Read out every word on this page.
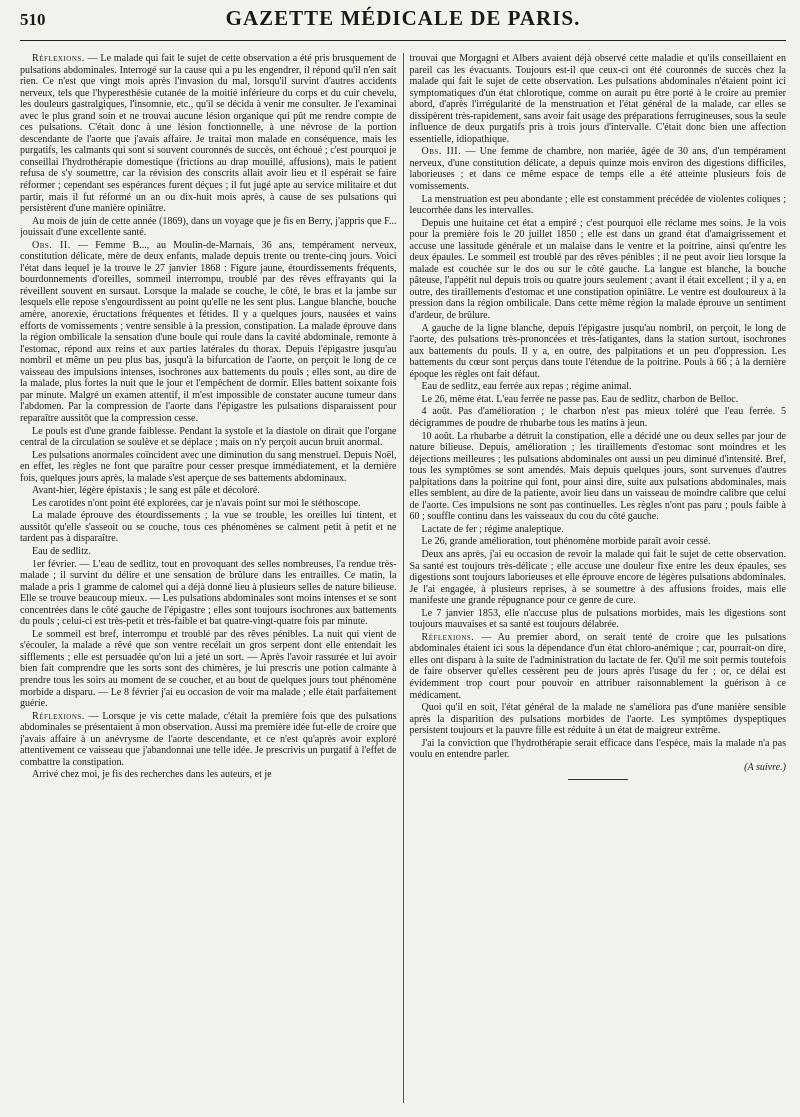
510	GAZETTE MÉDICALE DE PARIS.

Réflexions. — Le malade qui fait le sujet de cette observation a été pris brusquement de pulsations abdominales. Interrogé sur la cause qui a pu les engendrer, il répond qu'il n'en sait rien. Ce n'est que vingt mois après l'invasion du mal, lorsqu'il survint d'autres accidents nerveux, tels que l'hyperesthésie cutanée de la moitié inférieure du corps et du cuir chevelu, les douleurs gastralgiques, l'insomnie, etc., qu'il se décida à venir me consulter. Je l'examinai avec le plus grand soin et ne trouvai aucune lésion organique qui pût me rendre compte de ces pulsations. C'était donc à une lésion fonctionnelle, à une névrose de la portion descendante de l'aorte que j'avais affaire. Je traitai mon malade en conséquence, mais les purgatifs, les calmants qui sont si souvent couronnés de succès, ont échoué ; c'est pourquoi je conseillai l'hydrothérapie domestique (frictions au drap mouillé, affusions), mais le patient refusa de s'y soumettre, car la révision des conscrits allait avoir lieu et il espérait se faire réformer ; cependant ses espérances furent déçues ; il fut jugé apte au service militaire et dut partir, mais il fut réformé un an ou dix-huit mois après, à cause de ses pulsations qui persistèrent d'une manière opiniâtre.

Au mois de juin de cette année (1869), dans un voyage que je fis en Berry, j'appris que F... jouissait d'une excellente santé.

Obs. II. — Femme B..., au Moulin-de-Marnais, 36 ans, tempérament nerveux, constitution délicate, mère de deux enfants, malade depuis trente ou trente-cinq jours. Voici l'état dans lequel je la trouve le 27 janvier 1868 : Figure jaune, étourdissements fréquents, bourdonnements d'oreilles, sommeil interrompu, troublé par des rêves effrayants qui la réveillent souvent en sursaut. Lorsque la malade se couche, le côté, le bras et la jambe sur lesquels elle repose s'engourdissent au point qu'elle ne les sent plus. Langue blanche, bouche amère, anorexie, éructations fréquentes et fétides. Il y a quelques jours, nausées et vains efforts de vomissements ; ventre sensible à la pression, constipation. La malade éprouve dans la région ombilicale la sensation d'une boule qui roule dans la cavité abdominale, remonte à l'estomac, répond aux reins et aux parties latérales du thorax. Depuis l'épigastre jusqu'au nombril et même un peu plus bas, jusqu'à la bifurcation de l'aorte, on perçoit le long de ce vaisseau des impulsions intenses, isochrones aux battements du pouls ; elles sont, au dire de la malade, plus fortes la nuit que le jour et l'empêchent de dormir. Elles battent soixante fois par minute. Malgré un examen attentif, il m'est impossible de constater aucune tumeur dans l'abdomen. Par la compression de l'aorte dans l'épigastre les pulsations disparaissent pour reparaître aussitôt que la compression cesse.

Le pouls est d'une grande faiblesse. Pendant la systole et la diastole on dirait que l'organe central de la circulation se soulève et se déplace ; mais on n'y perçoit aucun bruit anormal.

Les pulsations anormales coïncident avec une diminution du sang menstruel. Depuis Noël, en effet, les règles ne font que paraître pour cesser presque immédiatement, et la dernière fois, quelques jours après, la malade s'est aperçue de ses battements abdominaux.

Avant-hier, légère épistaxis ; le sang est pâle et décoloré.

Les carotides n'ont point été explorées, car je n'avais point sur moi le stéthoscope.

La malade éprouve des étourdissements ; la vue se trouble, les oreilles lui tintent, et aussitôt qu'elle s'asseoit ou se couche, tous ces phénomènes se calment petit à petit et ne tardent pas à disparaître.

Eau de sedlitz.

1er février. — L'eau de sedlitz, tout en provoquant des selles nombreuses, l'a rendue très-malade ; il survint du délire et une sensation de brûlure dans les entrailles. Ce matin, la malade a pris 1 gramme de calomel qui a déjà donné lieu à plusieurs selles de nature bilieuse. Elle se trouve beaucoup mieux. — Les pulsations abdominales sont moins intenses et se sont concentrées dans le côté gauche de l'épigastre ; elles sont toujours isochrones aux battements du pouls ; celui-ci est très-petit et très-faible et bat quatre-vingt-quatre fois par minute.

Le sommeil est bref, interrompu et troublé par des rêves pénibles. La nuit qui vient de s'écouler, la malade a rêvé que son ventre recélait un gros serpent dont elle entendait les sifflements ; elle est persuadée qu'on lui a jeté un sort. — Après l'avoir rassurée et lui avoir bien fait comprendre que les sorts sont des chimères, je lui prescris une potion calmante à prendre tous les soirs au moment de se coucher, et au bout de quelques jours tout phénomène morbide a disparu. — Le 8 février j'ai eu occasion de voir ma malade ; elle était parfaitement guérie.

Réflexions. — Lorsque je vis cette malade, c'était la première fois que des pulsations abdominales se présentaient à mon observation. Aussi ma première idée fut-elle de croire que j'avais affaire à un anévrysme de l'aorte descendante, et ce n'est qu'après avoir exploré attentivement ce vaisseau que j'abandonnai une telle idée. Je prescrivis un purgatif à l'effet de combattre la constipation.

Arrivé chez moi, je fis des recherches dans les auteurs, et je

trouvai que Morgagni et Albers avaient déjà observé cette maladie et qu'ils conseillaient en pareil cas les évacuants. Toujours est-il que ceux-ci ont été couronnés de succès chez la malade qui fait le sujet de cette observation. Les pulsations abdominales n'étaient point ici symptomatiques d'un état chlorotique, comme on aurait pu être porté à le croire au premier abord, d'après l'irrégularité de la menstruation et l'état général de la malade, car elles se dissipèrent très-rapidement, sans avoir fait usage des préparations ferrugineuses, sous la seule influence de deux purgatifs pris à trois jours d'intervalle. C'était donc bien une affection essentielle, idiopathique.

Obs. III. — Une femme de chambre, non mariée, âgée de 30 ans, d'un tempérament nerveux, d'une constitution délicate, a depuis quinze mois environ des digestions difficiles, laborieuses ; et dans ce même espace de temps elle a été atteinte plusieurs fois de vomissements.

La menstruation est peu abondante ; elle est constamment précédée de violentes coliques ; leucorrhée dans les intervalles.

Depuis une huitaine cet état a empiré ; c'est pourquoi elle réclame mes soins. Je la vois pour la première fois le 20 juillet 1850 ; elle est dans un grand état d'amaigrissement et accuse une lassitude générale et un malaise dans le ventre et la poitrine, ainsi qu'entre les deux épaules. Le sommeil est troublé par des rêves pénibles ; il ne peut avoir lieu lorsque la malade est couchée sur le dos ou sur le côté gauche. La langue est blanche, la bouche pâteuse, l'appétit nul depuis trois ou quatre jours seulement ; avant il était excellent ; il y a, en outre, des tiraillements d'estomac et une constipation opiniâtre. Le ventre est douloureux à la pression dans la région ombilicale. Dans cette même région la malade éprouve un sentiment d'ardeur, de brûlure.

A gauche de la ligne blanche, depuis l'épigastre jusqu'au nombril, on perçoit, le long de l'aorte, des pulsations très-prononcées et très-fatigantes, dans la station surtout, isochrones aux battements du pouls. Il y a, en outre, des palpitations et un peu d'oppression. Les battements du cœur sont perçus dans toute l'étendue de la poitrine. Pouls à 66 ; à la dernière époque les règles ont fait défaut.

Eau de sedlitz, eau ferrée aux repas ; régime animal.

Le 26, même état. L'eau ferrée ne passe pas. Eau de sedlitz, charbon de Belloc.

4 août. Pas d'amélioration ; le charbon n'est pas mieux toléré que l'eau ferrée. 5 décigrammes de poudre de rhubarbe tous les matins à jeun.

10 août. La rhubarbe a détruit la constipation, elle a décidé une ou deux selles par jour de nature bilieuse. Depuis, amélioration ; les tiraillements d'estomac sont moindres et les déjections meilleures ; les pulsations abdominales ont aussi un peu diminué d'intensité. Bref, tous les symptômes se sont amendés. Mais depuis quelques jours, sont survenues d'autres palpitations dans la poitrine qui font, pour ainsi dire, suite aux pulsations abdominales, mais elles semblent, au dire de la patiente, avoir lieu dans un vaisseau de moindre calibre que celui de l'aorte. Ces impulsions ne sont pas continuelles. Les règles n'ont pas paru ; pouls faible à 60 ; souffle continu dans les vaisseaux du cou du côté gauche.

Lactate de fer ; régime analeptique.

Le 26, grande amélioration, tout phénomène morbide paraît avoir cessé.

Deux ans après, j'ai eu occasion de revoir la malade qui fait le sujet de cette observation. Sa santé est toujours très-délicate ; elle accuse une douleur fixe entre les deux épaules, ses digestions sont toujours laborieuses et elle éprouve encore de légères pulsations abdominales. Je l'ai engagée, à plusieurs reprises, à se soumettre à des affusions froides, mais elle manifeste une grande répugnance pour ce genre de cure.

Le 7 janvier 1853, elle n'accuse plus de pulsations morbides, mais les digestions sont toujours mauvaises et sa santé est toujours délabrée.

Réflexions. — Au premier abord, on serait tenté de croire que les pulsations abdominales étaient ici sous la dépendance d'un état chloro-anémique ; car, pourrait-on dire, elles ont disparu à la suite de l'administration du lactate de fer. Qu'il me soit permis toutefois de faire observer qu'elles cessèrent peu de jours après l'usage du fer ; or, ce délai est évidemment trop court pour pouvoir en attribuer raisonnablement la guérison à ce médicament.

Quoi qu'il en soit, l'état général de la malade ne s'améliora pas d'une manière sensible après la disparition des pulsations morbides de l'aorte. Les symptômes dyspeptiques persistent toujours et la pauvre fille est réduite à un état de maigreur extrême.

J'ai la conviction que l'hydrothérapie serait efficace dans l'espèce, mais la malade n'a pas voulu en entendre parler.

(A suivre.)
